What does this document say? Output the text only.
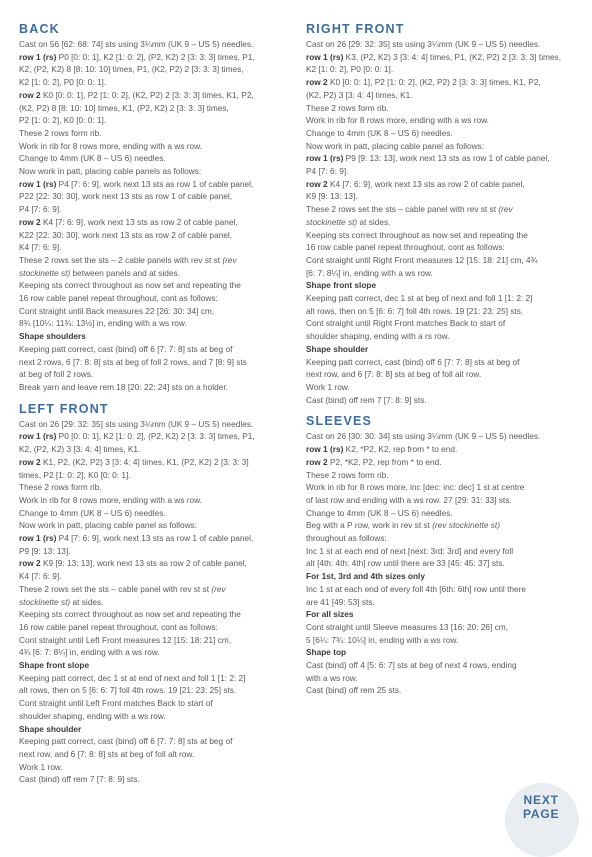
BACK

Cast on 56 [62: 68: 74] sts using 3¼mm (UK 9 – US 5) needles.

row 1 (rs) P0 [0: 0: 1], K2 [1: 0: 2], (P2, K2) 2 [3: 3: 3] times, P1,

K2, (P2, K2) 8 [8: 10: 10] times, P1, (K2, P2) 2 [3: 3: 3] times,

K2 [1: 0: 2], P0 [0: 0: 1].

row 2 K0 [0: 0: 1], P2 [1: 0: 2], (K2, P2) 2 [3: 3: 3] times, K1, P2,

(K2, P2) 8 [8: 10: 10] times, K1, (P2, K2) 2 [3: 3: 3] times,

P2 [1: 0: 2], K0 [0: 0: 1].

These 2 rows form rib.

Work in rib for 8 rows more, ending with a ws row.

Change to 4mm (UK 8 – US 6) needles.

Now work in patt, placing cable panels as follows:

row 1 (rs) P4 [7: 6: 9], work next 13 sts as row 1 of cable panel,

P22 [22: 30: 30], work next 13 sts as row 1 of cable panel,

P4 [7: 6: 9].

row 2 K4 [7: 6: 9], work next 13 sts as row 2 of cable panel,

K22 [22: 30: 30], work next 13 sts as row 2 of cable panel,

K4 [7: 6: 9].

These 2 rows set the sts – 2 cable panels with rev st st (rev

stockinette st) between panels and at sides.

Keeping sts correct throughout as now set and repeating the

16 row cable panel repeat throughout, cont as follows:

Cont straight until Back measures 22 [26: 30: 34] cm,

8¾ [10¼: 11¾: 13½] in, ending with a ws row.

Shape shoulders

Keeping patt correct, cast (bind) off 6 [7: 7: 8] sts at beg of

next 2 rows, 6 [7: 8: 8] sts at beg of foll 2 rows, and 7 [8: 9] sts

at beg of foll 2 rows.

Break yarn and leave rem 18 [20: 22: 24] sts on a holder.

LEFT FRONT

Cast on 26 [29: 32: 35] sts using 3¼mm (UK 9 – US 5) needles.

row 1 (rs) P0 [0: 0: 1], K2 [1: 0: 2], (P2, K2) 2 [3: 3: 3] times, P1,

K2, (P2, K2) 3 [3: 4: 4] times, K1.

row 2 K1, P2, (K2, P2) 3 [3: 4: 4] times, K1, (P2, K2) 2 [3: 3: 3]

times, P2 [1: 0: 2], K0 [0: 0: 1].

These 2 rows form rib.

Work in rib for 8 rows more, ending with a ws row.

Change to 4mm (UK 8 – US 6) needles.

Now work in patt, placing cable panel as follows:

row 1 (rs) P4 [7: 6: 9], work next 13 sts as row 1 of cable panel,

P9 [9: 13: 13].

row 2 K9 [9: 13: 13], work next 13 sts as row 2 of cable panel,

K4 [7: 6: 9].

These 2 rows set the sts – cable panel with rev st st (rev

stockinette st) at sides.

Keeping sts correct throughout as now set and repeating the

16 row cable panel repeat throughout, cont as follows:

Cont straight until Left Front measures 12 [15: 18: 21] cm,

4¾ [6: 7: 8¼] in, ending with a ws row.

Shape front slope

Keeping patt correct, dec 1 st at end of next and foll 1 [1: 2: 2]

alt rows, then on 5 [6: 6: 7] foll 4th rows. 19 [21: 23: 25] sts.

Cont straight until Left Front matches Back to start of

shoulder shaping, ending with a ws row.

Shape shoulder

Keeping patt correct, cast (bind) off 6 [7: 7: 8] sts at beg of

next row, and 6 [7: 8: 8] sts at beg of foll alt row.

Work 1 row.

Cast (bind) off rem 7 [7: 8: 9] sts.

RIGHT FRONT

Cast on 26 [29: 32: 35] sts using 3¼mm (UK 9 – US 5) needles.

row 1 (rs) K3, (P2, K2) 3 [3: 4: 4] times, P1, (K2, P2) 2 [3: 3: 3] times,

K2 [1: 0: 2], P0 [0: 0: 1].

row 2 K0 [0: 0: 1], P2 [1: 0: 2], (K2, P2) 2 [3: 3: 3] times, K1, P2,

(K2, P2) 3 [3: 4: 4] times, K1.

These 2 rows form rib.

Work in rib for 8 rows more, ending with a ws row.

Change to 4mm (UK 8 – US 6) needles.

Now work in patt, placing cable panel as follows:

row 1 (rs) P9 [9: 13: 13], work next 13 sts as row 1 of cable panel,

P4 [7: 6: 9].

row 2 K4 [7: 6: 9], work next 13 sts as row 2 of cable panel,

K9 [9: 13: 13].

These 2 rows set the sts – cable panel with rev st st (rev

stockinette st) at sides.

Keeping sts correct throughout as now set and repeating the

16 row cable panel repeat throughout, cont as follows:

Cont straight until Right Front measures 12 [15: 18: 21] cm, 4¾

[6: 7: 8¼] in, ending with a ws row.

Shape front slope

Keeping patt correct, dec 1 st at beg of next and foll 1 [1: 2: 2]

alt rows, then on 5 [6: 6: 7] foll 4th rows. 19 [21: 23: 25] sts.

Cont straight until Right Front matches Back to start of

shoulder shaping, ending with a rs row.

Shape shoulder

Keeping patt correct, cast (bind) off 6 [7: 7: 8] sts at beg of

next row, and 6 [7: 8: 8] sts at beg of foll alt row.

Work 1 row.

Cast (bind) off rem 7 [7: 8: 9] sts.

SLEEVES

Cast on 26 [30: 30: 34] sts using 3¼mm (UK 9 – US 5) needles.

row 1 (rs) K2, *P2, K2, rep from * to end.

row 2 P2, *K2, P2, rep from * to end.

These 2 rows form rib.

Work in rib for 8 rows more, inc [dec: inc: dec] 1 st at centre

of last row and ending with a ws row. 27 [29: 31: 33] sts.

Change to 4mm (UK 8 – US 6) needles.

Beg with a P row, work in rev st st (rev stockinette st)

throughout as follows:

Inc 1 st at each end of next [next: 3rd: 3rd] and every foll

alt [4th: 4th: 4th] row until there are 33 [45: 45: 37] sts.

For 1st, 3rd and 4th sizes only

Inc 1 st at each end of every foll 4th [6th: 6th] row until there

are 41 [49: 53] sts.

For all sizes

Cont straight until Sleeve measures 13 [16: 20: 26] cm,

5 [6¼: 7¾: 10¼] in, ending with a ws row.

Shape top

Cast (bind) off 4 [5: 6: 7] sts at beg of next 4 rows, ending

with a ws row.

Cast (bind) off rem 25 sts.

NEXT
PAGE
